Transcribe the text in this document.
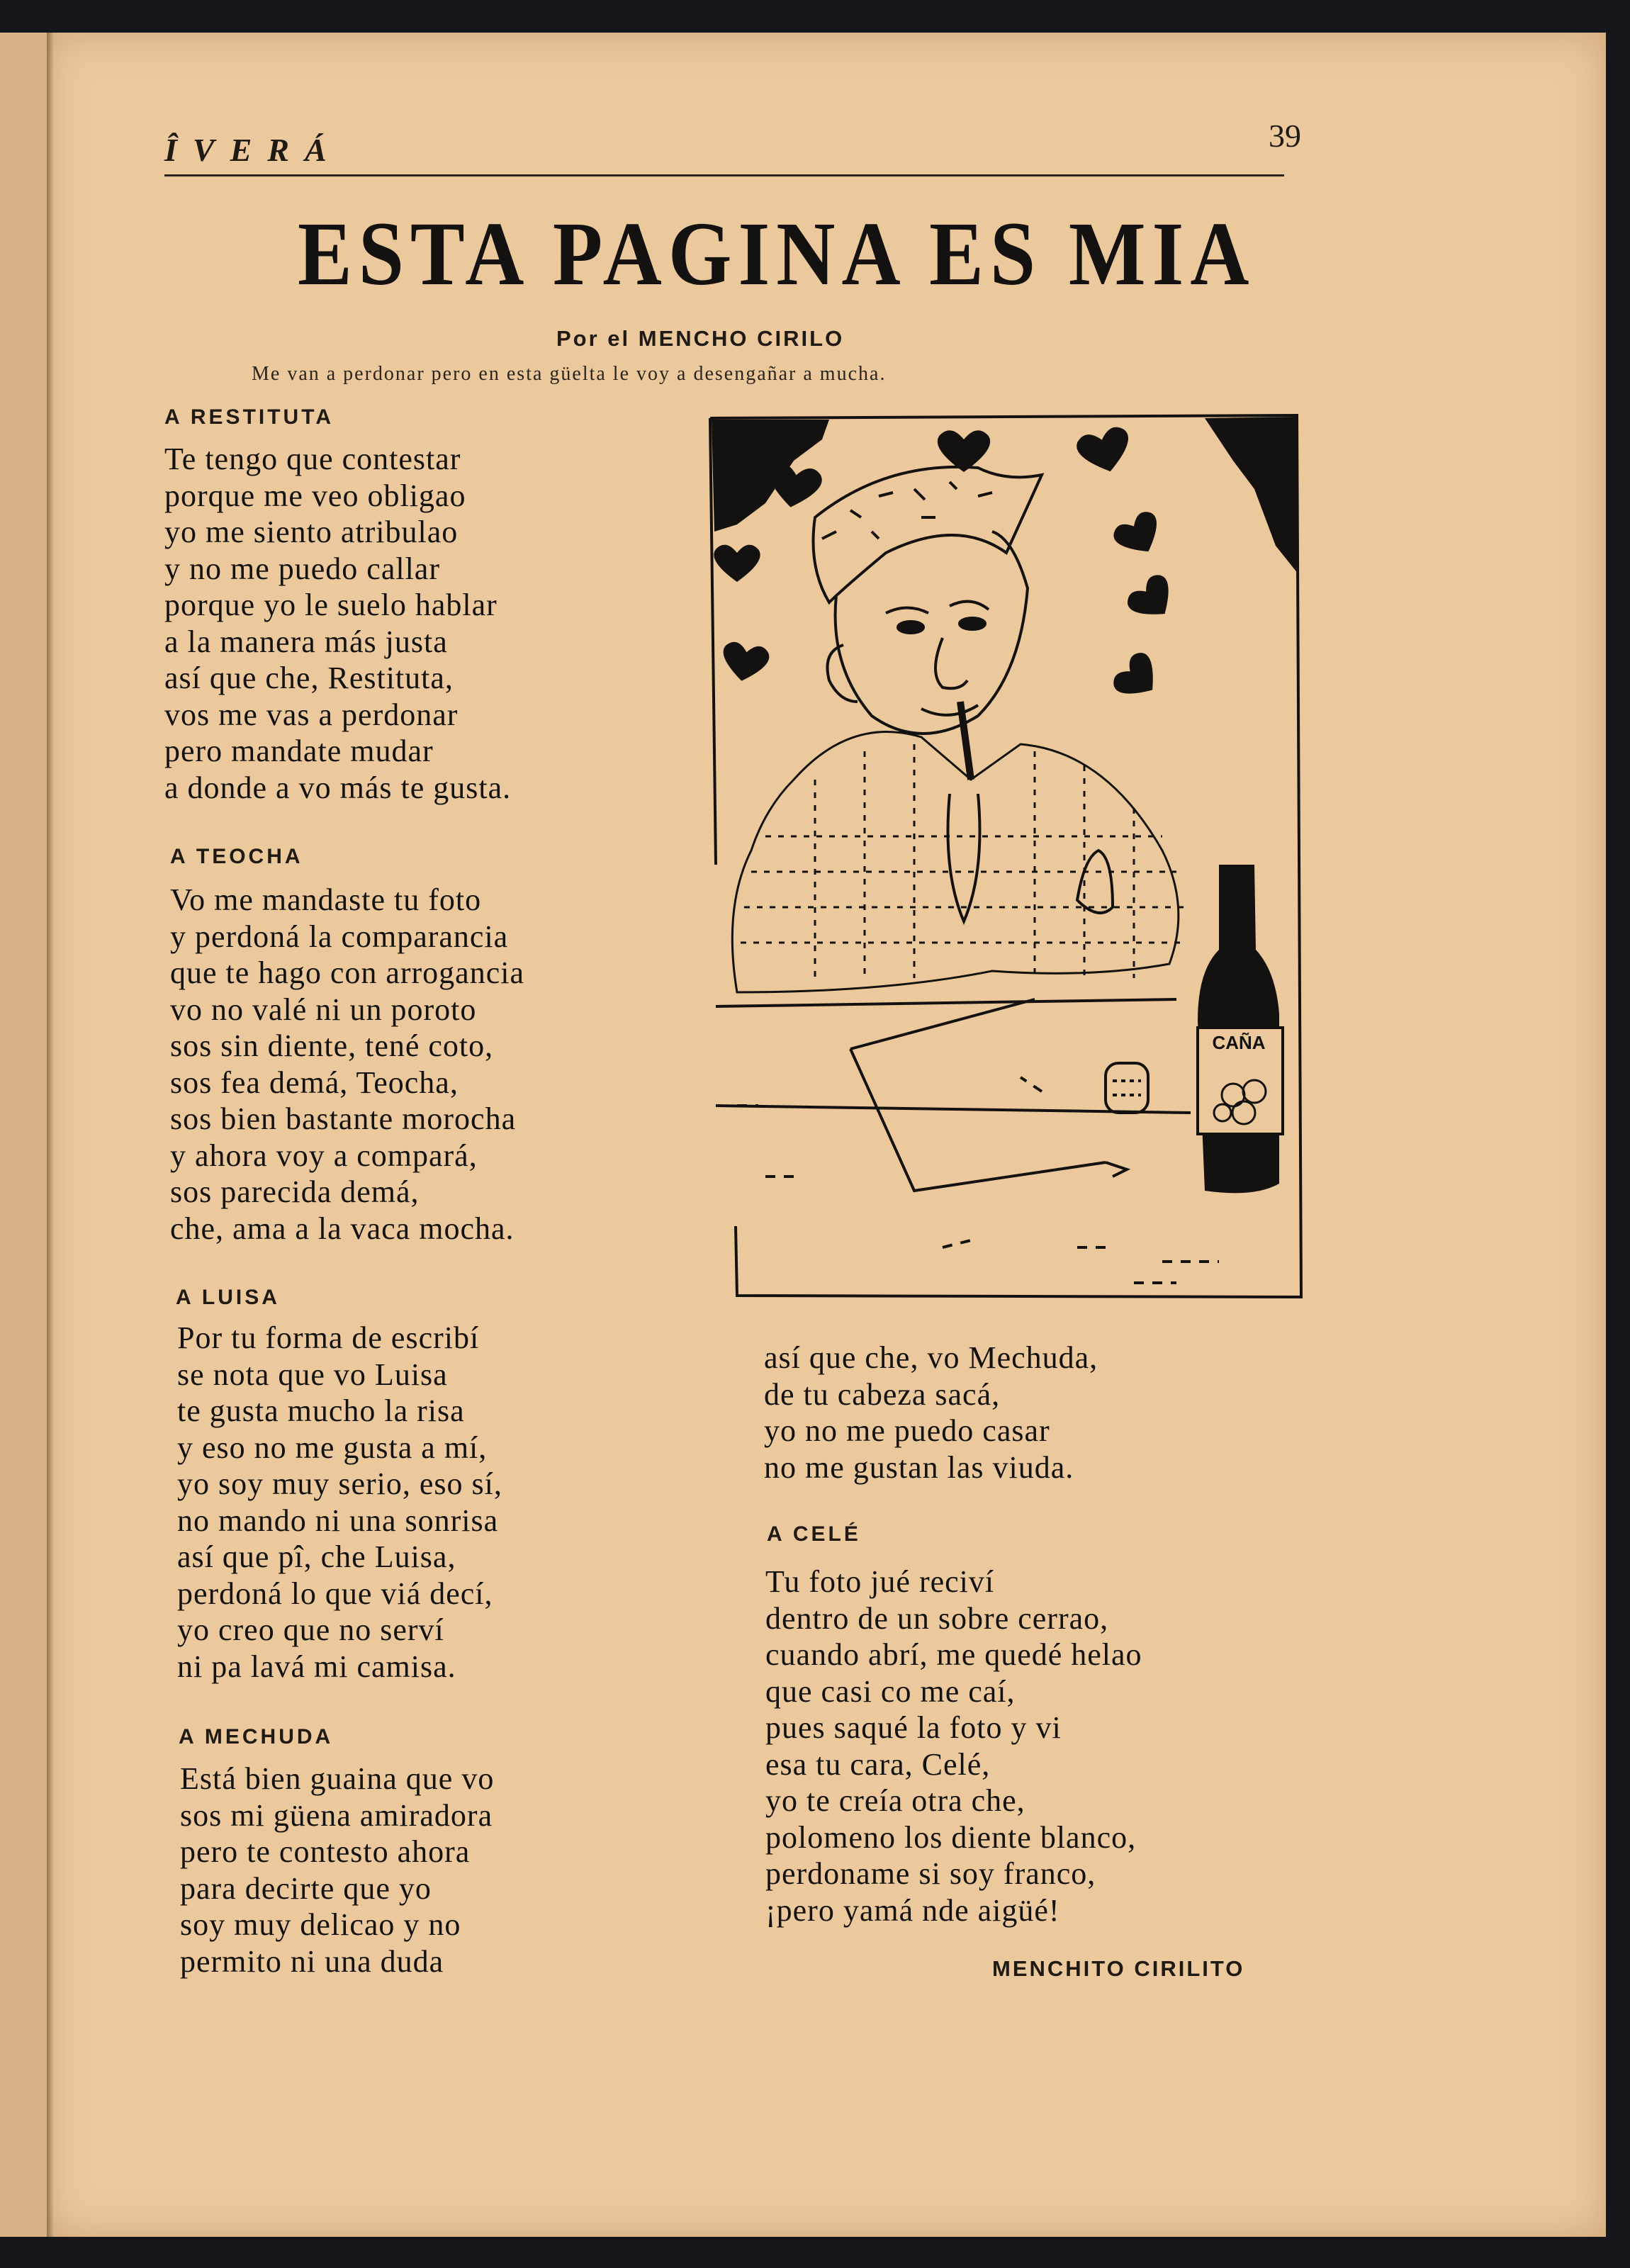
ÎVERÁ	39
ESTA PAGINA ES MIA
Por el MENCHO CIRILO
Me van a perdonar pero en esta güelta le voy a desengañar a mucha.
A RESTITUTA
Te tengo que contestar
porque me veo obligao
yo me siento atribulao
y no me puedo callar
porque yo le suelo hablar
a la manera más justa
así que che, Restituta,
vos me vas a perdonar
pero mandate mudar
a donde a vo más te gusta.
A TEOCHA
Vo me mandaste tu foto
y perdoná la comparancia
que te hago con arrogancia
vo no valé ni un poroto
sos sin diente, tené coto,
sos fea demá, Teocha,
sos bien bastante morocha
y ahora voy a compará,
sos parecida demá,
che, ama a la vaca mocha.
A LUISA
Por tu forma de escribí
se nota que vo Luisa
te gusta mucho la risa
y eso no me gusta a mí,
yo soy muy serio, eso sí,
no mando ni una sonrisa
así que pî, che Luisa,
perdoná lo que viá decí,
yo creo que no serví
ni pa lavá mi camisa.
A MECHUDA
Está bien guaina que vo
sos mi güena amiradora
pero te contesto ahora
para decirte que yo
soy muy delicao y no
permito ni una duda
así que che, vo Mechuda,
de tu cabeza sacá,
yo no me puedo casar
no me gustan las viuda.
A CELÉ
Tu foto jué reciví
dentro de un sobre cerrao,
cuando abrí, me quedé helao
que casi co me caí,
pues saqué la foto y vi
esa tu cara, Celé,
yo te creía otra che,
polomeno los diente blanco,
perdoname si soy franco,
¡pero yamá nde aigüé!
MENCHITO CIRILITO
CAÑA
